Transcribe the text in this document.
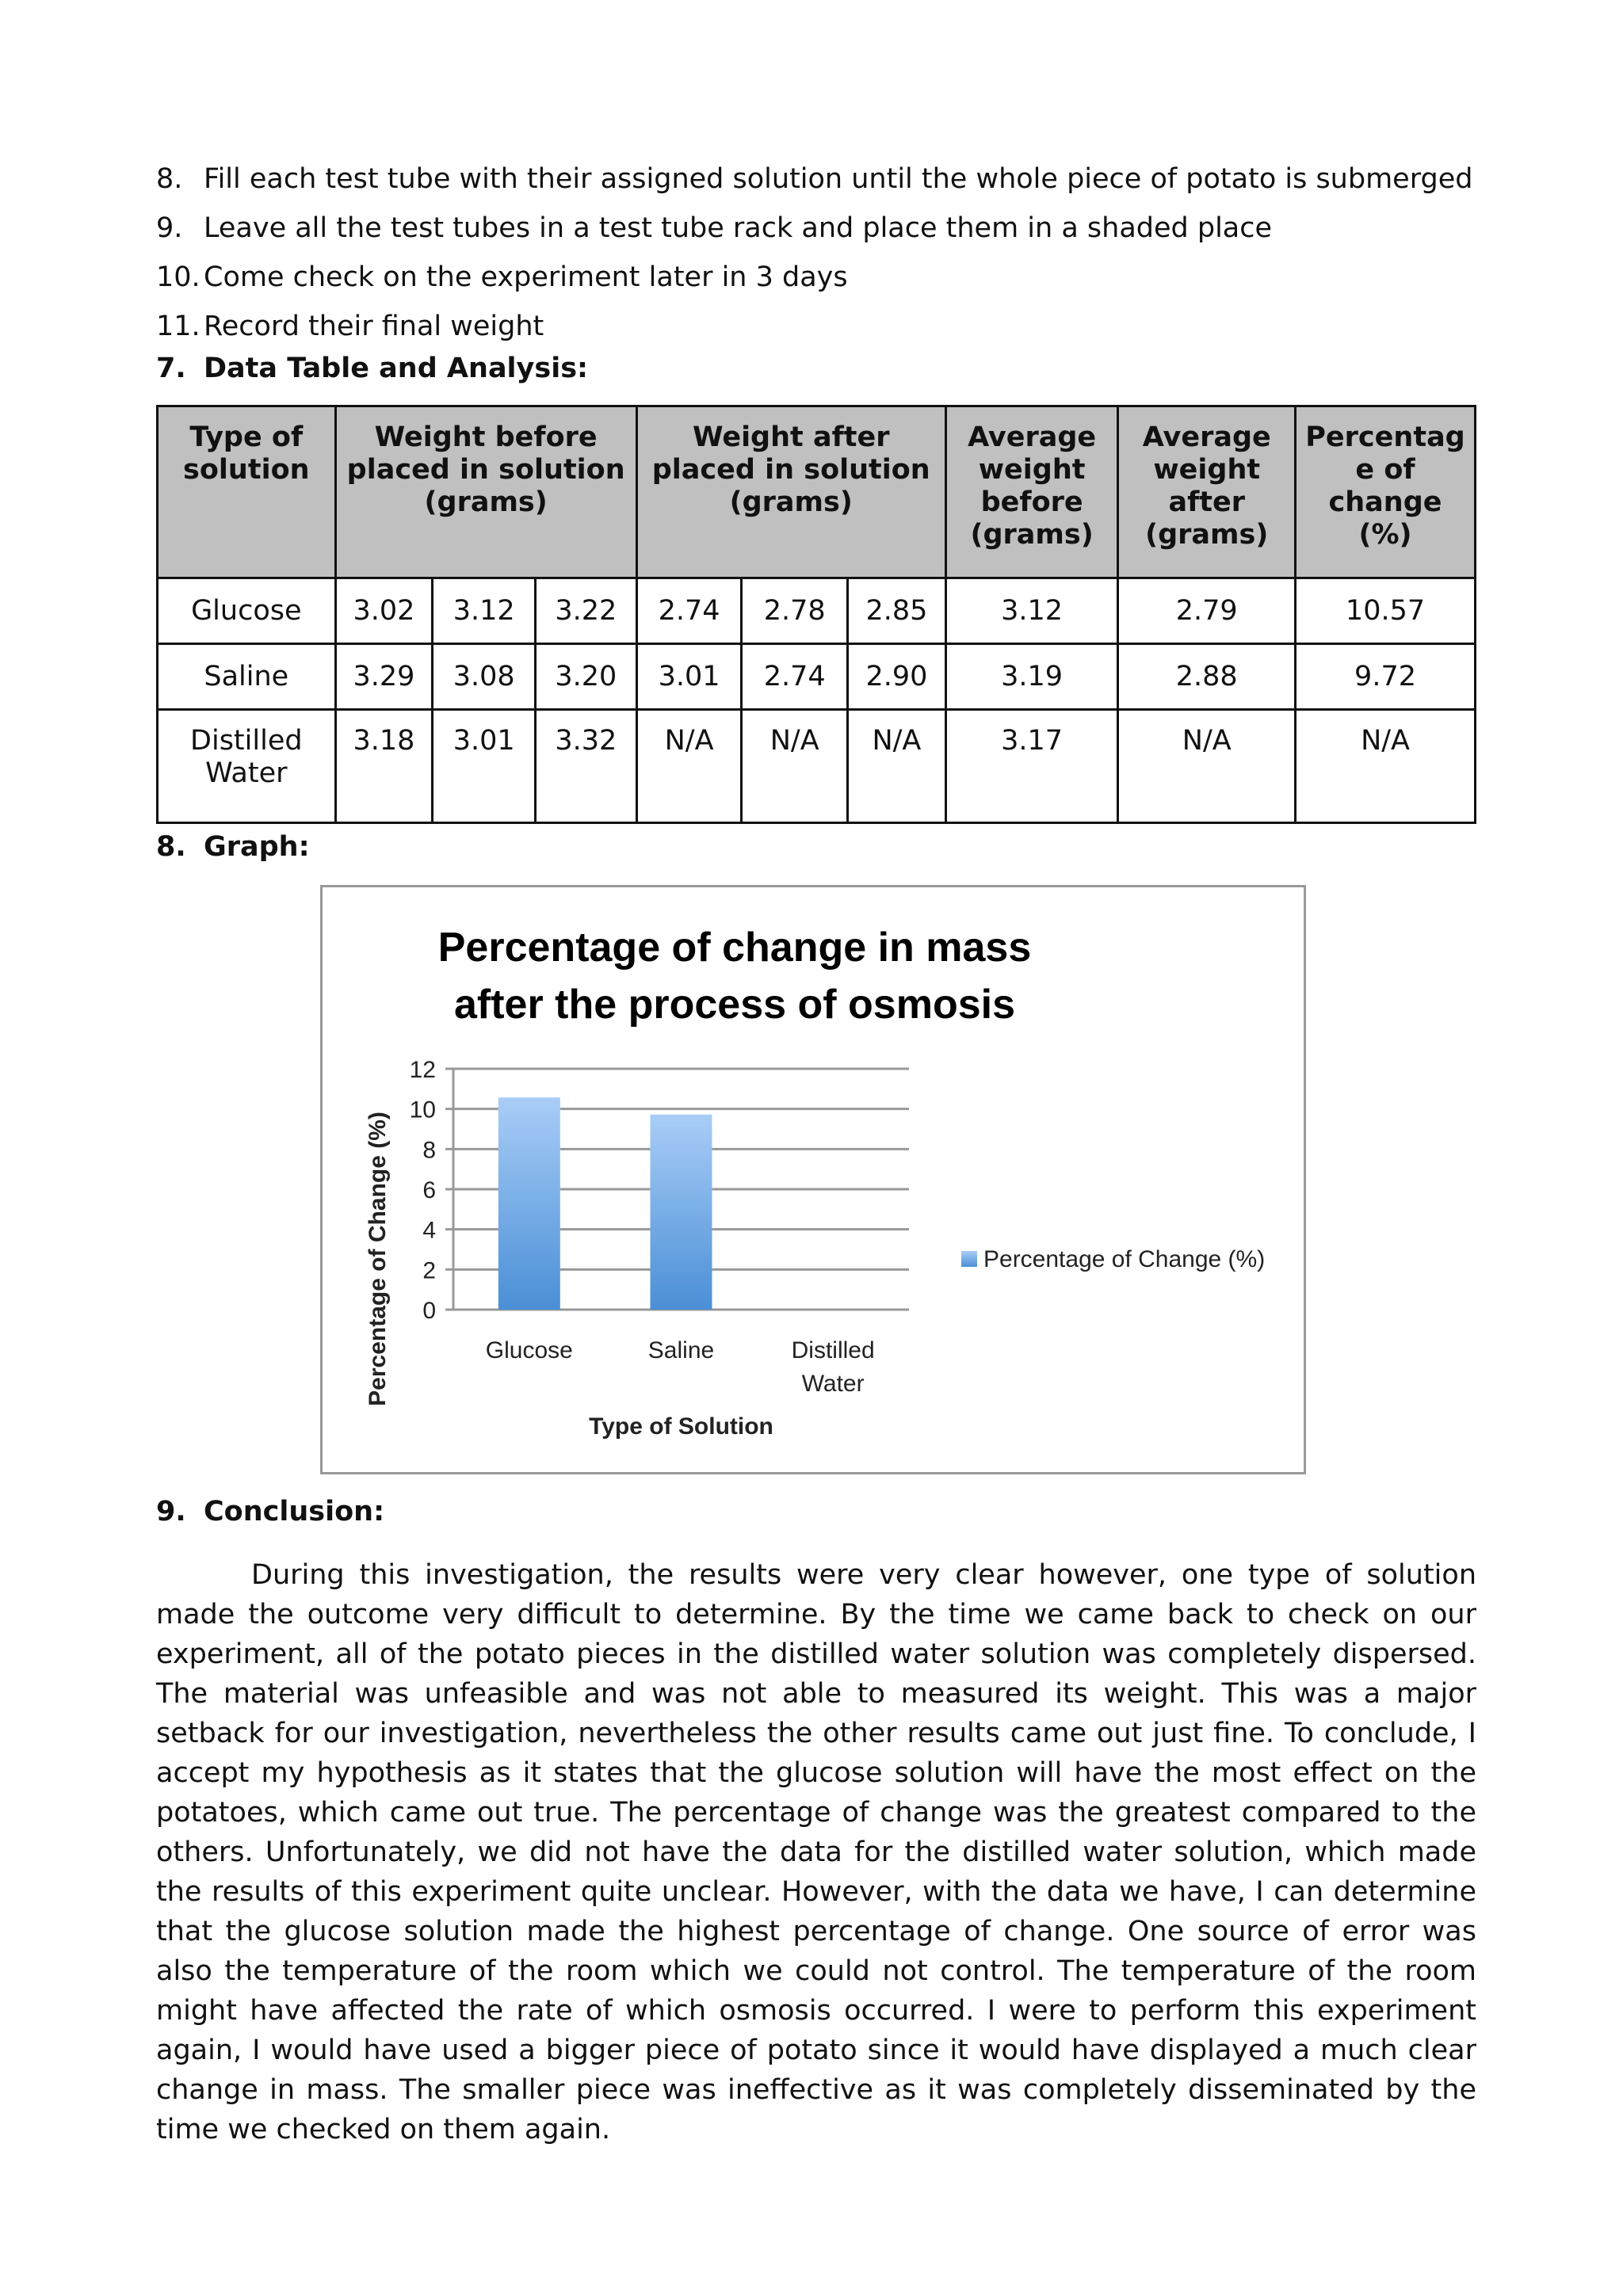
8. Fill each test tube with their assigned solution until the whole piece of potato is submerged
9. Leave all the test tubes in a test tube rack and place them in a shaded place
10. Come check on the experiment later in 3 days
11. Record their final weight
7. Data Table and Analysis:
Type of solution	Weight before placed in solution (grams)			Weight after placed in solution (grams)			Average weight before (grams)	Average weight after (grams)	Percentag e of change (%)
Glucose	3.02	3.12	3.22	2.74	2.78	2.85	3.12	2.79	10.57
Saline	3.29	3.08	3.20	3.01	2.74	2.90	3.19	2.88	9.72
Distilled Water	3.18	3.01	3.32	N/A	N/A	N/A	3.17	N/A	N/A
8. Graph:
Percentage of change in mass after the process of osmosis
0
2
4
6
8
10
12
Glucose	Saline	Distilled
Water
Type of Solution
Percentage of Change (%)	Percentage of Change (%)
9. Conclusion:

During this investigation, the results were very clear however, one type of solution made the outcome very difficult to determine. By the time we came back to check on our experiment, all of the potato pieces in the distilled water solution was completely dispersed. The material was unfeasible and was not able to measured its weight. This was a major setback for our investigation, nevertheless the other results came out just fine. To conclude, I accept my hypothesis as it states that the glucose solution will have the most effect on the potatoes, which came out true. The percentage of change was the greatest compared to the others. Unfortunately, we did not have the data for the distilled water solution, which made the results of this experiment quite unclear. However, with the data we have, I can determine that the glucose solution made the highest percentage of change. One source of error was also the temperature of the room which we could not control. The temperature of the room might have affected the rate of which osmosis occurred. I were to perform this experiment again, I would have used a bigger piece of potato since it would have displayed a much clear change in mass. The smaller piece was ineffective as it was completely disseminated by the time we checked on them again.
